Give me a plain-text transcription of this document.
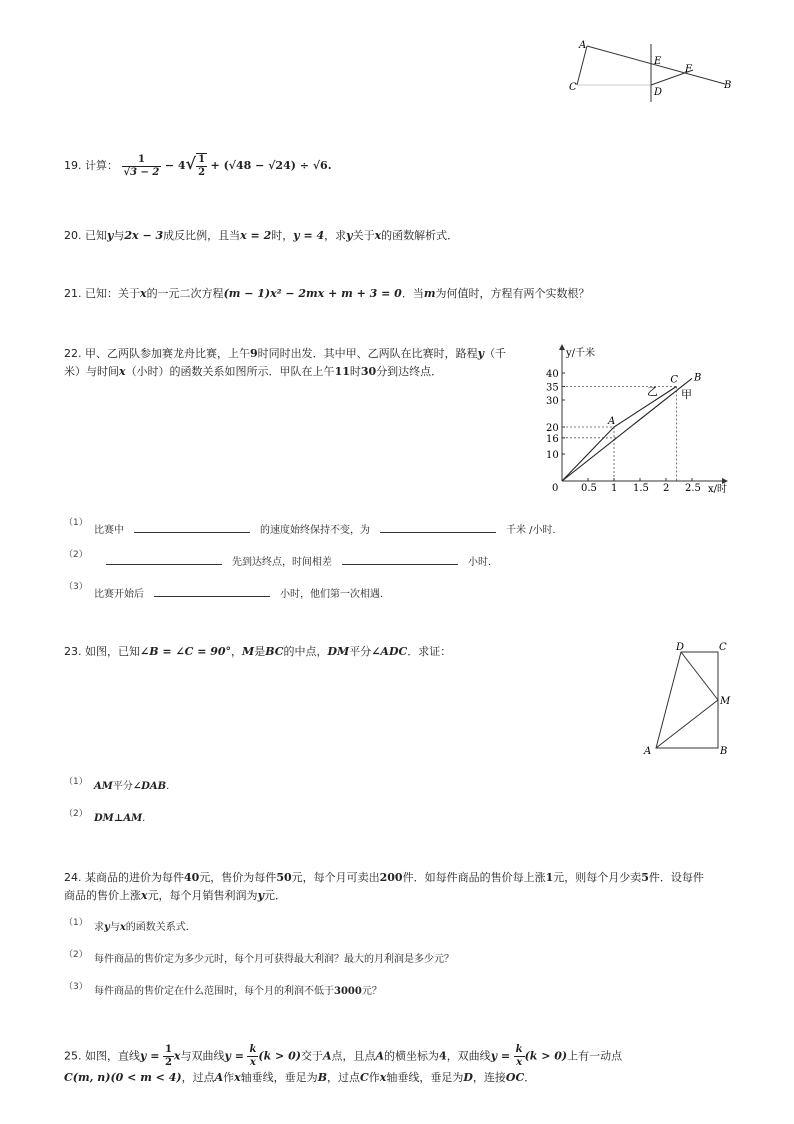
A
C
E
F
D
B
19. 计算： $\frac{1}{√3 - 2} - 4√ \frac{1}{2} + (√48 - √24) \div √6$.
20. 已知y与2x − 3成反比例，且当x = 2时，y = 4，求y关于x的函数解析式．
21. 已知：关于x的一元二次方程(m − 1)x² − 2mx + m + 3 = 0．当m为何值时，方程有两个实数根？
22. 甲、乙两队参加赛龙舟比赛，上午9时同时出发．其中甲、乙两队在比赛时，路程y（千
米）与时间x（小时）的函数关系如图所示．甲队在上午11时30分到达终点．
0.5 1 1.5 2 2.5
10
16
20
30
35
40
A
C B
y/千米
x/时
0
乙 甲
（1）
比赛中	的速度始终保持不变，为	千米 /小时．
（2）
先到达终点，时间相差	小时．
（3）
比赛开始后	小时，他们第一次相遇．
23. 如图，已知∠B = ∠C = 90°，M是BC的中点，DM平分∠ADC．求证：	D	C
M
A	B
（1） AM平分∠DAB.
（2） DM⊥AM.
24. 某商品的进价为每件40元，售价为每件50元，每个月可卖出200件．如每件商品的售价每上涨1元，则每个月少卖5件．设每件
商品的售价上涨x元，每个月销售利润为y元．
（1） 求y与x的函数关系式．
（2） 每件商品的售价定为多少元时，每个月可获得最大利润？最大的月利润是多少元？
（3） 每件商品的售价定在什么范围时，每个月的利润不低于3000元？
25. 如图，直线$y = \frac{1}{2}$ x与双曲线$y = \frac{k}{x} (k > 0)$交于A点，且点A的横坐标为4，双曲线$y = \frac{k}{x} (k > 0)$上有一动点
C(m, n)(0 < m < 4)，过点A作x轴垂线，垂足为B，过点C作x轴垂线，垂足为D，连接OC．
